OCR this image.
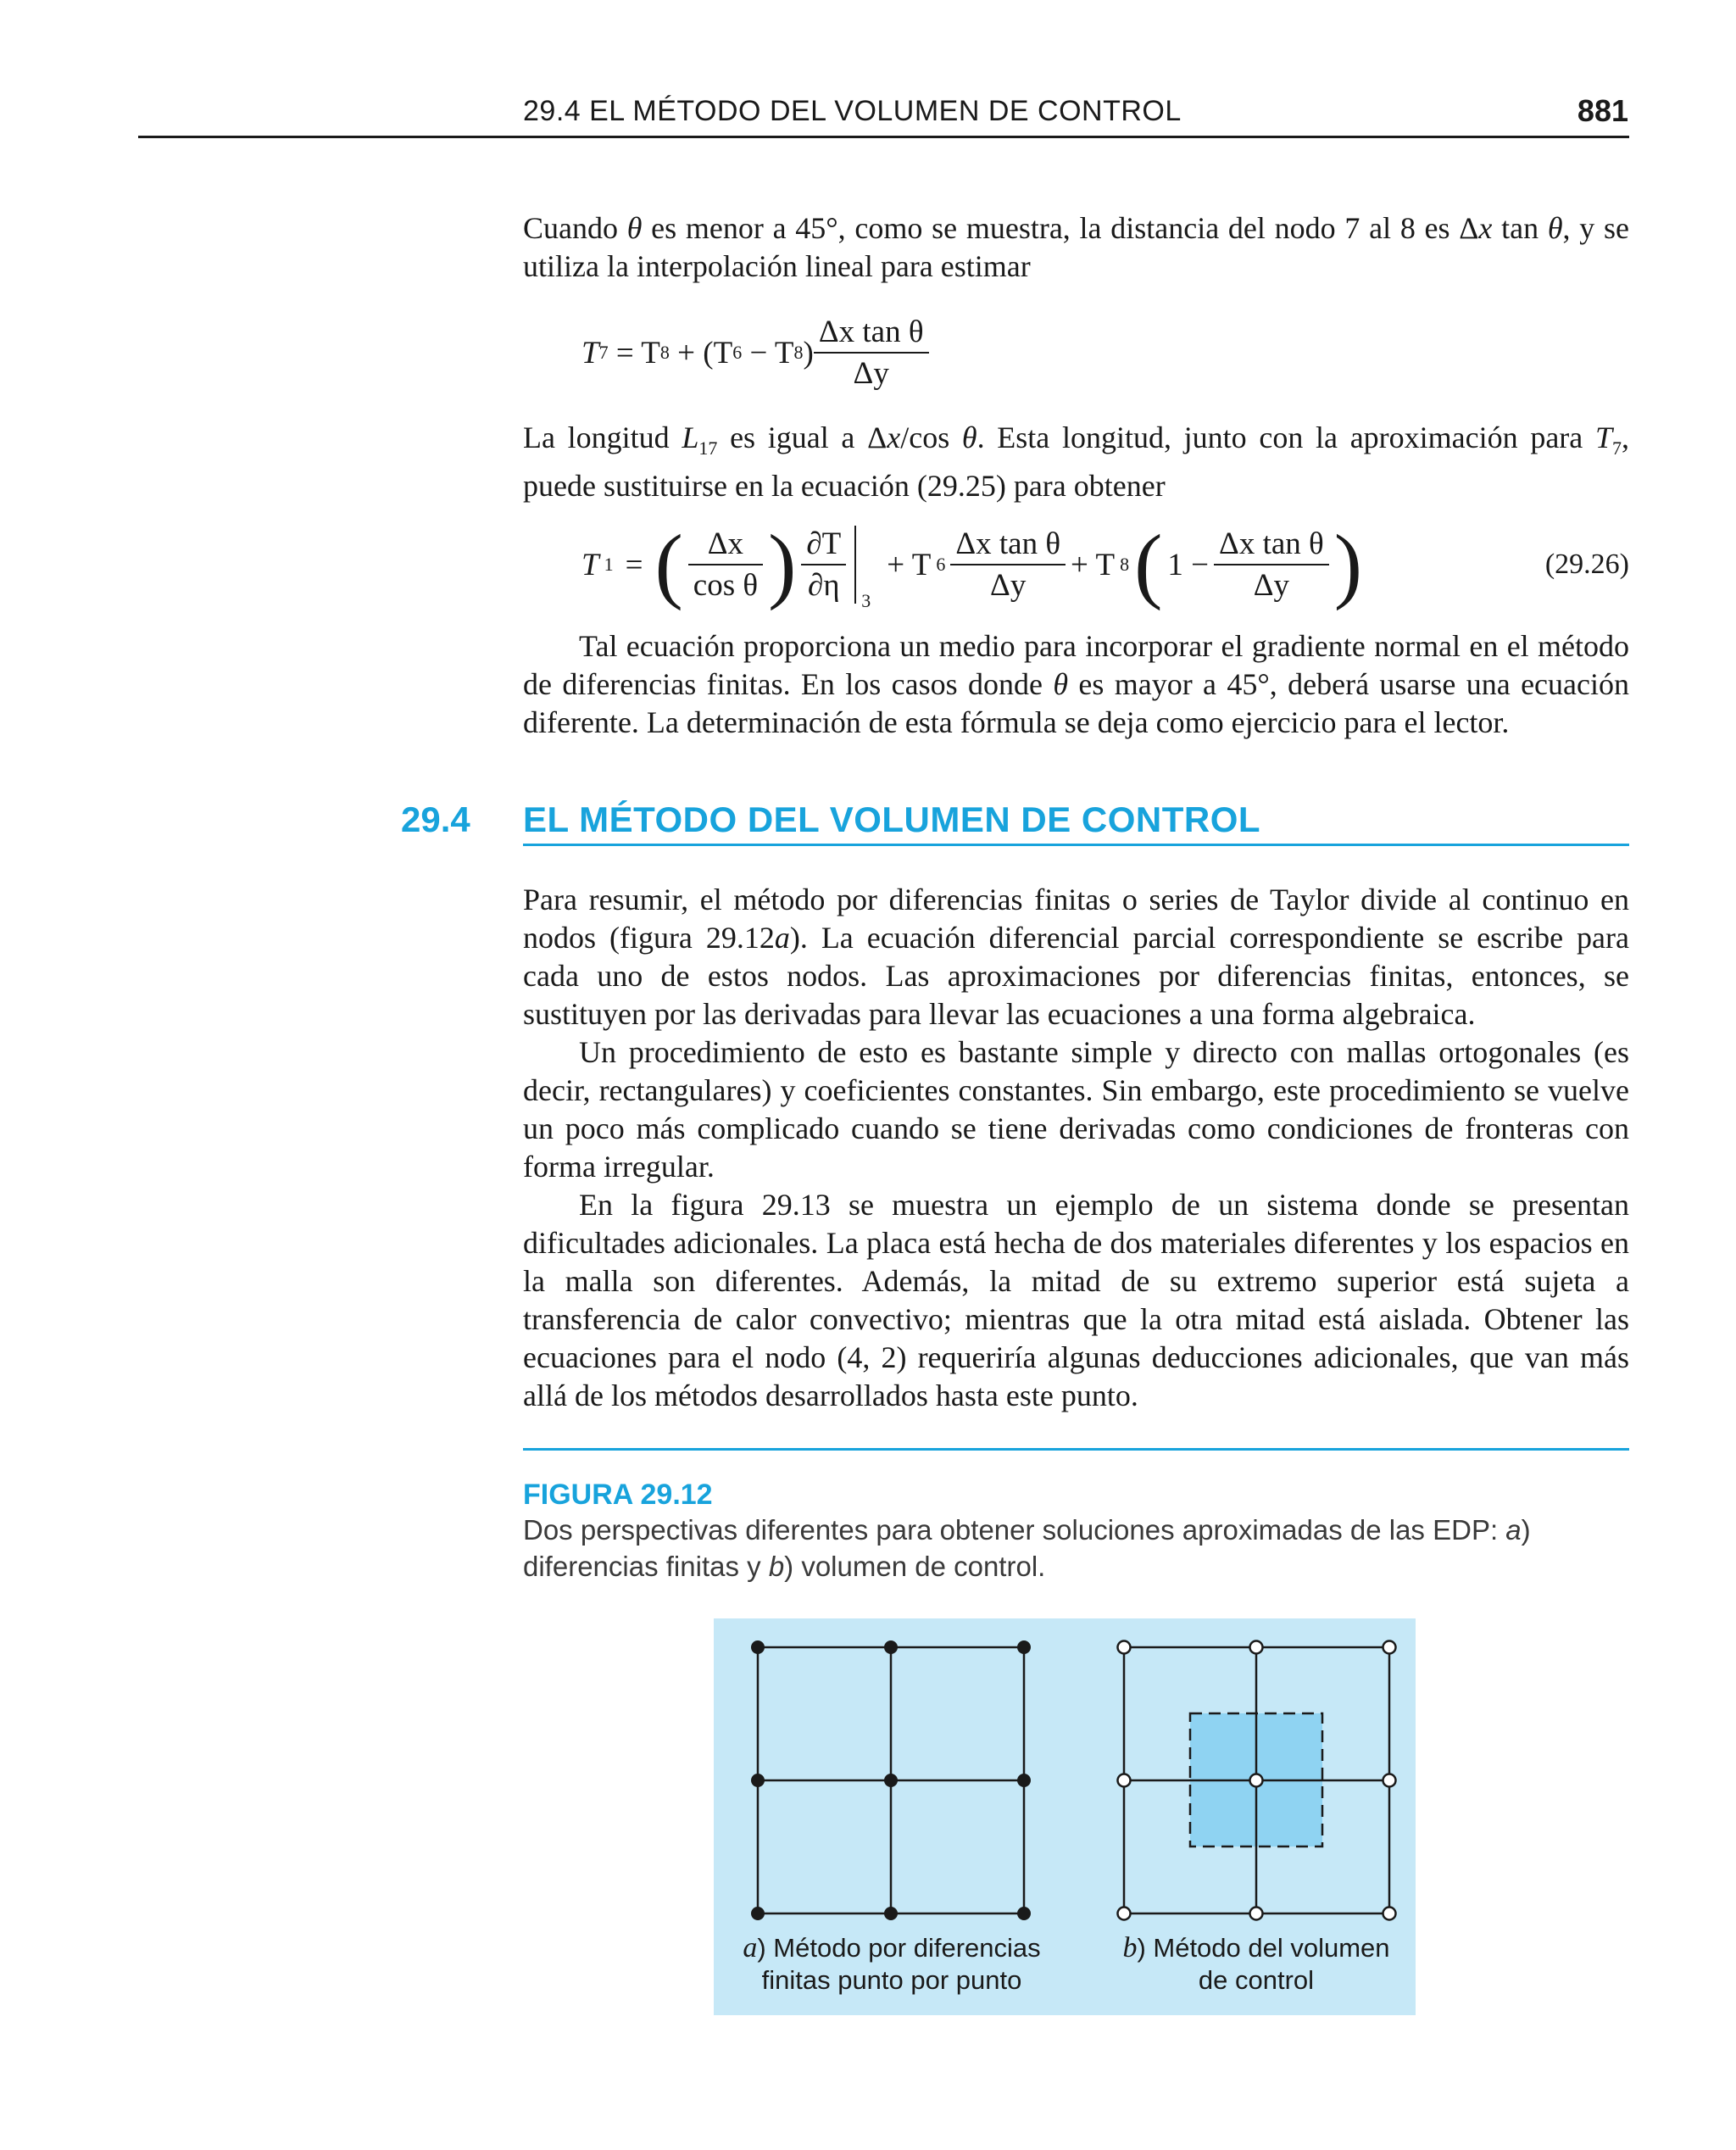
29.4 EL MÉTODO DEL VOLUMEN DE CONTROL	881

Cuando θ es menor a 45°, como se muestra, la distancia del nodo 7 al 8 es Δx tan θ, y se utiliza la interpolación lineal para estimar

T 7 = T 8 + (T 6 − T 8 ) $\frac{\text{Δx tan θ}}{\Delta y}$

La longitud $L_{17}$ es igual a Δx/cos θ. Esta longitud, junto con la aproximación para $T_7$, puede sustituirse en la ecuación (29.25) para obtener

T 1 = ( $\frac{\Delta x}{\text{cos θ}}$ ) $\frac{\partial T}{\partial\eta} 3$
+ T $6 \frac{\text{Δx tan θ}}{\Delta y} + T$ 8 ( $1 - \frac{\text{Δx tan θ}}{\Delta y}$ )	(29.26)

Tal ecuación proporciona un medio para incorporar el gradiente normal en el método de diferencias finitas. En los casos donde θ es mayor a 45°, deberá usarse una ecuación diferente. La determinación de esta fórmula se deja como ejercicio para el lector.

29.4 EL MÉTODO DEL VOLUMEN DE CONTROL

Para resumir, el método por diferencias finitas o series de Taylor divide al continuo en nodos (figura 29.12a). La ecuación diferencial parcial correspondiente se escribe para cada uno de estos nodos. Las aproximaciones por diferencias finitas, entonces, se sustituyen por las derivadas para llevar las ecuaciones a una forma algebraica.

Un procedimiento de esto es bastante simple y directo con mallas ortogonales (es decir, rectangulares) y coeficientes constantes. Sin embargo, este procedimiento se vuelve un poco más complicado cuando se tiene derivadas como condiciones de fronteras con forma irregular.

En la figura 29.13 se muestra un ejemplo de un sistema donde se presentan dificultades adicionales. La placa está hecha de dos materiales diferentes y los espacios en la malla son diferentes. Además, la mitad de su extremo superior está sujeta a transferencia de calor convectivo; mientras que la otra mitad está aislada. Obtener las ecuaciones para el nodo (4, 2) requeriría algunas deducciones adicionales, que van más allá de los métodos desarrollados hasta este punto.

FIGURA 29.12

Dos perspectivas diferentes para obtener soluciones aproximadas de las EDP: a) diferencias finitas y b) volumen de control.

a) Método por diferencias
finitas punto por punto
b) Método del volumen
de control
